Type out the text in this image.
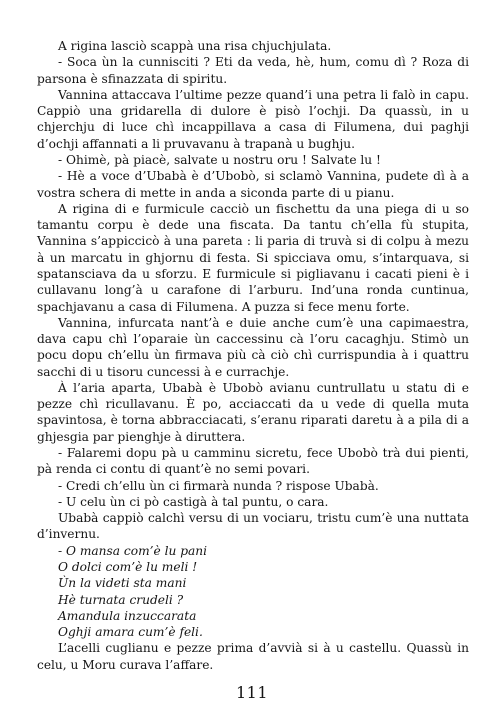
A rigina lasciò scappà una risa chjuchjulata.

- Soca ùn la cunnisciti ? Eti da veda, hè, hum, comu dì ? Roza di parsona è sfinazzata di spiritu.

Vannina attaccava l’ultime pezze quand’i una petra li falò in capu. Cappiò una gridarella di dulore è pisò l’ochji. Da quassù, in u chjerchju di luce chì incappillava a casa di Filumena, dui paghji d’ochji affannati a li pruvavanu à trapanà u bughju.

- Ohimè, pà piacè, salvate u nostru oru ! Salvate lu !

- Hè a voce d’Ubabà è d’Ubobò, si sclamò Vannina, pudete dì à a vostra schera di mette in anda a siconda parte di u pianu.

A rigina di e furmicule cacciò un fischettu da una piega di u so tamantu corpu è dede una fiscata. Da tantu ch’ella fù stupita, Vannina s’appiccicò à una pareta : li paria di truvà si di colpu à mezu à un marcatu in ghjornu di festa. Si spicciava omu, s’intarquava, si spatansciava da u sforzu. E furmicule si pigliavanu i cacati pieni è i cullavanu long’à u carafone di l’arburu. Ind’una ronda cuntinua, spachjavanu a casa di Filumena. A puzza si fece menu forte.

Vannina, infurcata nant’à e duie anche cum’è una capimaestra, dava capu chì l’oparaie ùn caccessinu cà l’oru cacaghju. Stimò un pocu dopu ch’ellu ùn firmava più cà ciò chì currispundia à i quattru sacchi di u tisoru cuncessi à e currachje.

À l’aria aparta, Ubabà è Ubobò avianu cuntrullatu u statu di e pezze chì ricullavanu. È po, acciaccati da u vede di quella muta spavintosa, è torna abbracciacati, s’eranu riparati daretu à a pila di a ghjesgia par pienghje à diruttera.

- Falaremi dopu pà u camminu sicretu, fece Ubobò trà dui pienti, pà renda ci contu di quant’è no semi povari.

- Credi ch’ellu ùn ci firmarà nunda ? rispose Ubabà.

- U celu ùn ci pò castigà à tal puntu, o cara.

Ubabà cappiò calchì versu di un vociaru, tristu cum’è una nuttata d’invernu.

- O mansa com’è lu pani
O dolci com’è lu meli !
Ùn la videti sta mani
Hè turnata crudeli ?
Amandula inzuccarata
Oghji amara cum’è feli.

L’acelli cuglianu e pezze prima d’avvià si à u castellu. Quassù in celu, u Moru curava l’affare.

111
